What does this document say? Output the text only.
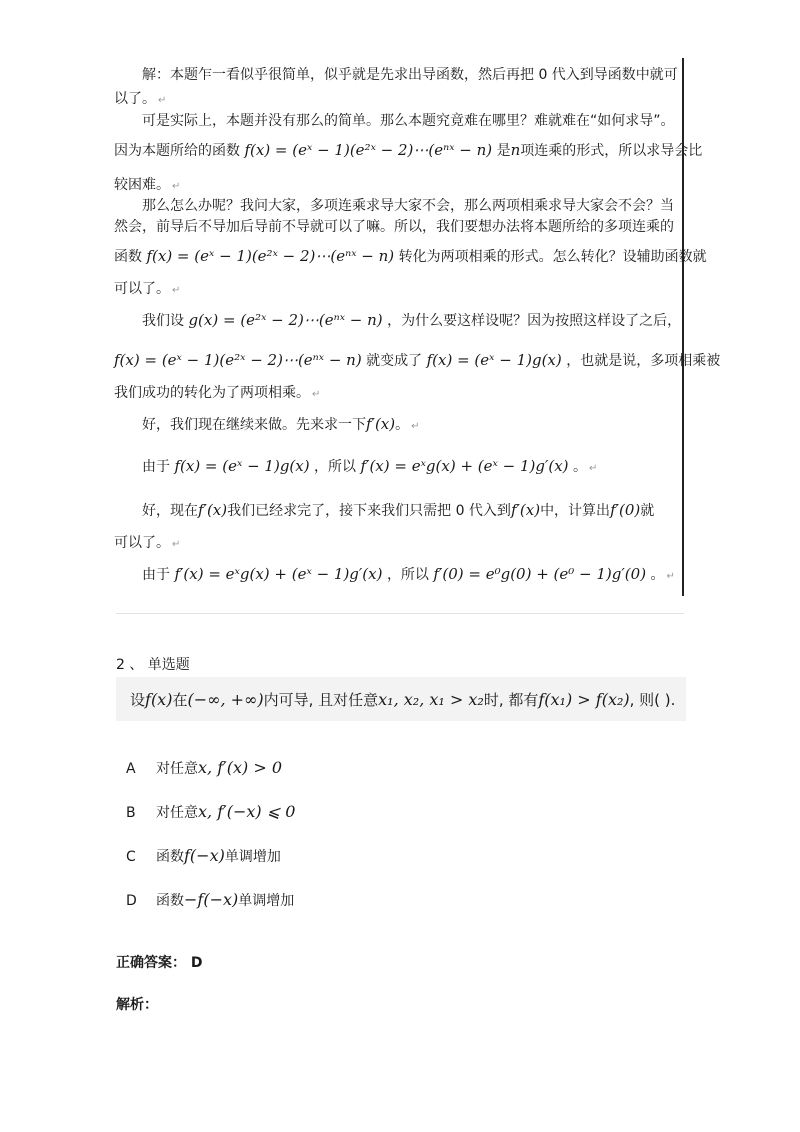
解：本题乍一看似乎很简单，似乎就是先求出导函数，然后再把 0 代入到导函数中就可
以了。 ↵
可是实际上，本题并没有那么的简单。那么本题究竟难在哪里？难就难在“如何求导”。
因为本题所给的函数 f(x) = (eˣ − 1)(e²ˣ − 2)⋯(eⁿˣ − n) 是n项连乘的形式，所以求导会比
较困难。 ↵
那么怎么办呢？我问大家，多项连乘求导大家不会，那么两项相乘求导大家会不会？当
然会，前导后不导加后导前不导就可以了嘛。所以，我们要想办法将本题所给的多项连乘的
函数 f(x) = (eˣ − 1)(e²ˣ − 2)⋯(eⁿˣ − n) 转化为两项相乘的形式。怎么转化？设辅助函数就
可以了。 ↵
我们设 g(x) = (e²ˣ − 2)⋯(eⁿˣ − n) ，为什么要这样设呢？因为按照这样设了之后，
f(x) = (eˣ − 1)(e²ˣ − 2)⋯(eⁿˣ − n) 就变成了 f(x) = (eˣ − 1)g(x) ，也就是说，多项相乘被
我们成功的转化为了两项相乘。 ↵
好，我们现在继续来做。先来求一下f′(x)。 ↵
由于 f(x) = (eˣ − 1)g(x) ，所以 f′(x) = eˣg(x) + (eˣ − 1)g′(x) 。 ↵
好，现在f′(x)我们已经求完了，接下来我们只需把 0 代入到f′(x)中，计算出f′(0)就
可以了。 ↵
由于 f′(x) = eˣg(x) + (eˣ − 1)g′(x) ，所以 f′(0) = e⁰g(0) + (e⁰ − 1)g′(0) 。 ↵
2 、 单选题
设f(x)在(−∞, +∞)内可导, 且对任意x₁, x₂, x₁ > x₂时, 都有f(x₁) > f(x₂), 则( ).
A 对任意x, f′(x) > 0
B 对任意x, f′(−x) ⩽ 0
C 函数f(−x)单调增加
D 函数−f(−x)单调增加
正确答案： D
解析：
